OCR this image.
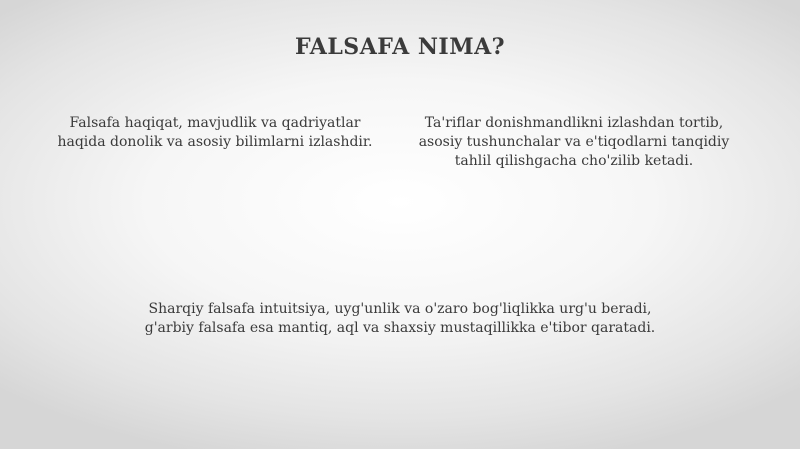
FALSAFA NIMA?

Falsafa haqiqat, mavjudlik va qadriyatlar
haqida donolik va asosiy bilimlarni izlashdir.

Ta'riflar donishmandlikni izlashdan tortib,
asosiy tushunchalar va e'tiqodlarni tanqidiy
tahlil qilishgacha cho'zilib ketadi.

Sharqiy falsafa intuitsiya, uyg'unlik va o'zaro bog'liqlikka urg'u beradi,
g'arbiy falsafa esa mantiq, aql va shaxsiy mustaqillikka e'tibor qaratadi.
